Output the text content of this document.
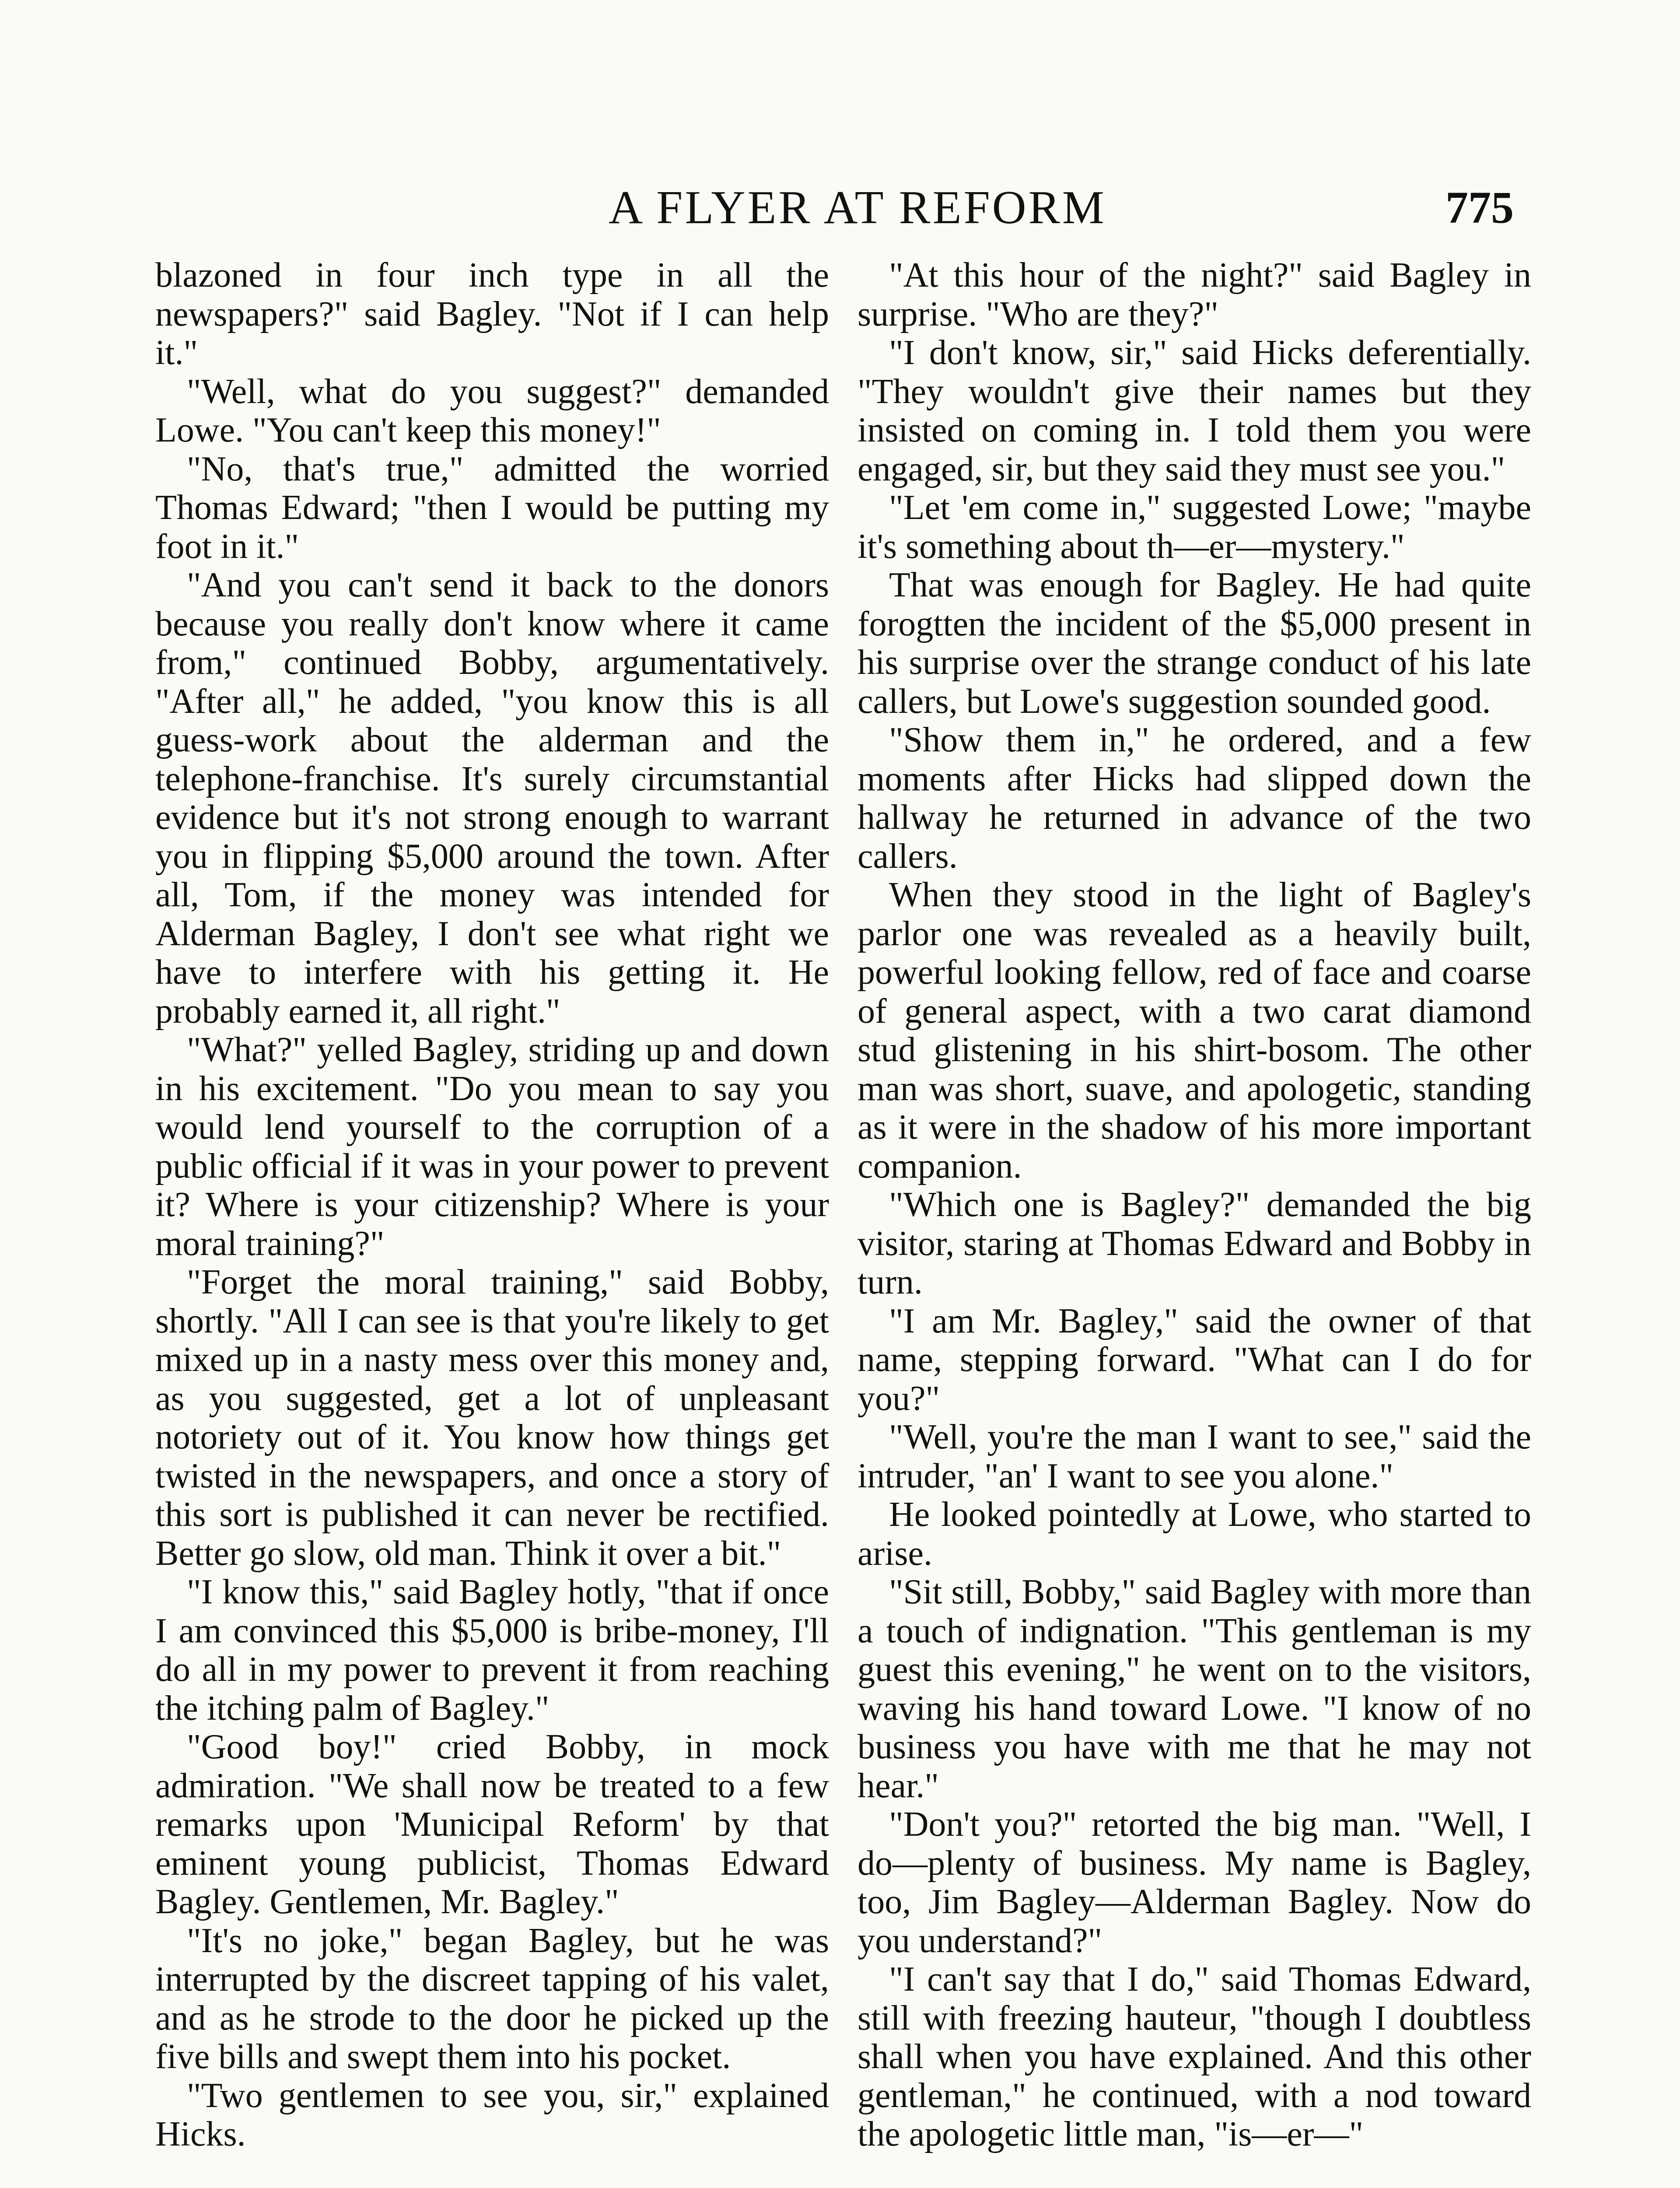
A FLYER AT REFORM	775

blazoned in four inch type in all the newspapers?" said Bagley. "Not if I can help it."

"Well, what do you suggest?" demanded Lowe. "You can't keep this money!"

"No, that's true," admitted the worried Thomas Edward; "then I would be putting my foot in it."

"And you can't send it back to the donors because you really don't know where it came from," continued Bobby, argumentatively. "After all," he added, "you know this is all guess-work about the alderman and the telephone-franchise. It's surely circumstantial evidence but it's not strong enough to warrant you in flipping $5,000 around the town. After all, Tom, if the money was intended for Alderman Bagley, I don't see what right we have to interfere with his getting it. He probably earned it, all right."

"What?" yelled Bagley, striding up and down in his excitement. "Do you mean to say you would lend yourself to the corruption of a public official if it was in your power to prevent it? Where is your citizenship? Where is your moral training?"

"Forget the moral training," said Bobby, shortly. "All I can see is that you're likely to get mixed up in a nasty mess over this money and, as you suggested, get a lot of unpleasant notoriety out of it. You know how things get twisted in the newspapers, and once a story of this sort is published it can never be rectified. Better go slow, old man. Think it over a bit."

"I know this," said Bagley hotly, "that if once I am convinced this $5,000 is bribe-money, I'll do all in my power to prevent it from reaching the itching palm of Bagley."

"Good boy!" cried Bobby, in mock admiration. "We shall now be treated to a few remarks upon 'Municipal Reform' by that eminent young publicist, Thomas Edward Bagley. Gentlemen, Mr. Bagley."

"It's no joke," began Bagley, but he was interrupted by the discreet tapping of his valet, and as he strode to the door he picked up the five bills and swept them into his pocket.

"Two gentlemen to see you, sir," explained Hicks.

"At this hour of the night?" said Bagley in surprise. "Who are they?"

"I don't know, sir," said Hicks deferentially. "They wouldn't give their names but they insisted on coming in. I told them you were engaged, sir, but they said they must see you."

"Let 'em come in," suggested Lowe; "maybe it's something about th—er—mystery."

That was enough for Bagley. He had quite forogtten the incident of the $5,000 present in his surprise over the strange conduct of his late callers, but Lowe's suggestion sounded good.

"Show them in," he ordered, and a few moments after Hicks had slipped down the hallway he returned in advance of the two callers.

When they stood in the light of Bagley's parlor one was revealed as a heavily built, powerful looking fellow, red of face and coarse of general aspect, with a two carat diamond stud glistening in his shirt-bosom. The other man was short, suave, and apologetic, standing as it were in the shadow of his more important companion.

"Which one is Bagley?" demanded the big visitor, staring at Thomas Edward and Bobby in turn.

"I am Mr. Bagley," said the owner of that name, stepping forward. "What can I do for you?"

"Well, you're the man I want to see," said the intruder, "an' I want to see you alone."

He looked pointedly at Lowe, who started to arise.

"Sit still, Bobby," said Bagley with more than a touch of indignation. "This gentleman is my guest this evening," he went on to the visitors, waving his hand toward Lowe. "I know of no business you have with me that he may not hear."

"Don't you?" retorted the big man. "Well, I do—plenty of business. My name is Bagley, too, Jim Bagley—Alderman Bagley. Now do you understand?"

"I can't say that I do," said Thomas Edward, still with freezing hauteur, "though I doubtless shall when you have explained. And this other gentleman," he continued, with a nod toward the apologetic little man, "is—er—"
